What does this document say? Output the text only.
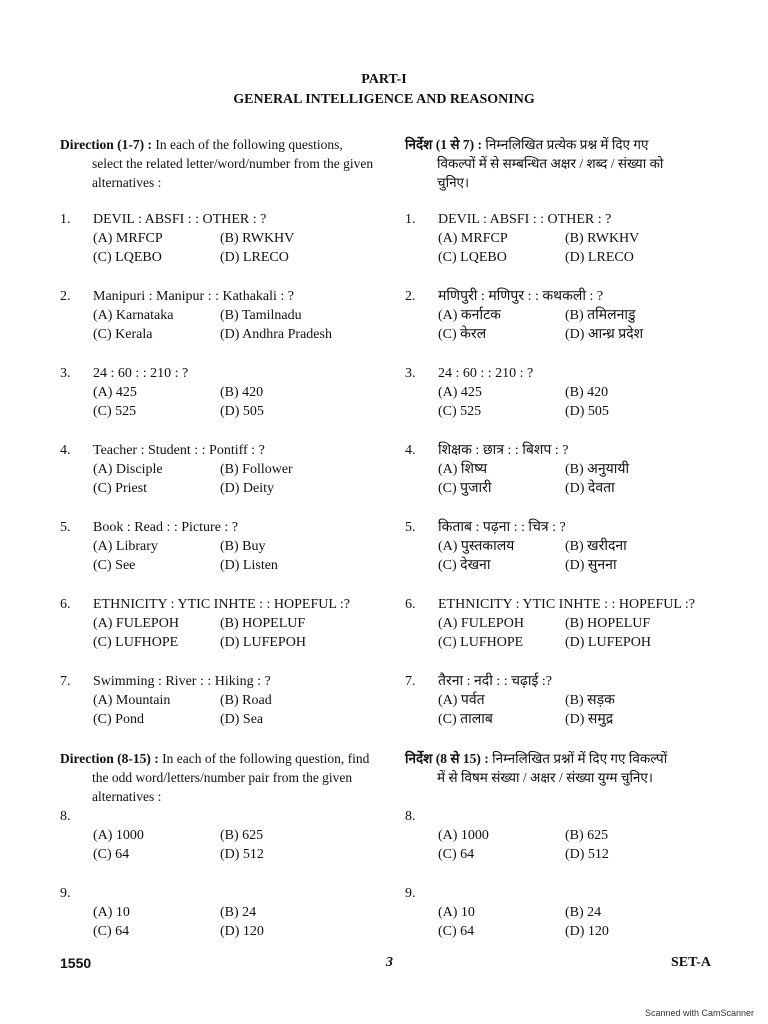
PART-I
GENERAL INTELLIGENCE AND REASONING
Direction (1-7) : In each of the following questions,
select the related letter/word/number from the given
alternatives :
1. DEVIL : ABSFI : : OTHER : ?
(A) MRFCP	(B) RWKHV
(C) LQEBO	(D) LRECO
2. Manipuri : Manipur : : Kathakali : ?
(A) Karnataka	(B) Tamilnadu
(C) Kerala	(D) Andhra Pradesh
3. 24 : 60 : : 210 : ?
(A) 425	(B) 420
(C) 525	(D) 505
4. Teacher : Student : : Pontiff : ?
(A) Disciple	(B) Follower
(C) Priest	(D) Deity
5. Book : Read : : Picture : ?
(A) Library	(B) Buy
(C) See	(D) Listen
6. ETHNICITY : YTIC INHTE : : HOPEFUL :?
(A) FULEPOH	(B) HOPELUF
(C) LUFHOPE	(D) LUFEPOH
7. Swimming : River : : Hiking : ?
(A) Mountain	(B) Road
(C) Pond	(D) Sea
Direction (8-15) : In each of the following question, find
the odd word/letters/number pair from the given
alternatives :
8.
(A) 1000	(B) 625
(C) 64	(D) 512
9.
(A) 10	(B) 24
(C) 64	(D) 120
निर्देश (1 से 7) : निम्नलिखित प्रत्येक प्रश्न में दिए गए
विकल्पों में से सम्बन्धित अक्षर / शब्द / संख्या को
चुनिए।
1. DEVIL : ABSFI : : OTHER : ?
(A) MRFCP	(B) RWKHV
(C) LQEBO	(D) LRECO
2. मणिपुरी : मणिपुर : : कथकली : ?
(A) कर्नाटक	(B) तमिलनाडु
(C) केरल	(D) आन्ध्र प्रदेश
3. 24 : 60 : : 210 : ?
(A) 425	(B) 420
(C) 525	(D) 505
4. शिक्षक : छात्र : : बिशप : ?
(A) शिष्य	(B) अनुयायी
(C) पुजारी	(D) देवता
5. किताब : पढ़ना : : चित्र : ?
(A) पुस्तकालय	(B) खरीदना
(C) देखना	(D) सुनना
6. ETHNICITY : YTIC INHTE : : HOPEFUL :?
(A) FULEPOH	(B) HOPELUF
(C) LUFHOPE	(D) LUFEPOH
7. तैरना : नदी : : चढ़ाई :?
(A) पर्वत	(B) सड़क
(C) तालाब	(D) समुद्र
निर्देश (8 से 15) : निम्नलिखित प्रश्नों में दिए गए विकल्पों
में से विषम संख्या / अक्षर / संख्या युग्म चुनिए।
8.
(A) 1000	(B) 625
(C) 64	(D) 512
9.
(A) 10	(B) 24
(C) 64	(D) 120
1550	3	SET-A
Scanned with CamScanner
